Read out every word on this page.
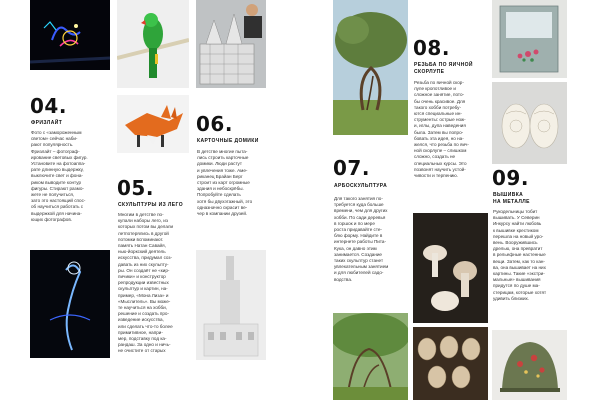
04.
ФРИЗЛАЙТ
Фото с «замороженным
светом» сейчас наби-
рают популярность.
Фризлайт – фотограф-
ирование световых фигур.
Установите на фотоаппа-
рате длинную выдержку,
выключите свет и фона-
риком выводите контур
фигуры. Стирают размо-
жете не получиться,
зато это настоящий спос-
об научиться работать с
выдержкой для начина-
ющих фотографов.
05.
СКУЛЬПТУРЫ ИЗ ЛЕГО
Многим в детстве по-
купали наборы лего, из
которых потом вы делали
летпотерялись в другой
потомки вспоминают.
память Натан Савайя,
нью-йоркский деятель
искусства, придумал соз-
давать из них скульпту-
ры. Он создаёт не «кир-
пичики» и конструктор
репродукции известных
скульптур и картин, на-
пример, «Мона Лиза» и
«Мыслитель». Вы може-
те научиться на хобби,
решение и создать про-
изведение искусства,
или сделать что-то более
примитивное, напри-
мер, подставку под ка-
рандаш. За одно и ничь-
не очистите от старых
06.
КАРТОЧНЫЕ ДОМИКИ
В детстве многие пыта-
лись строить карточные
домики. Люди растут
и увлечения тоже. Аме-
риканец Брайан Берг
строит из карт огромные
здания и небоскрёбы.
Попробуйте сделать
хотя бы двухэтажный, это
одназначно скрасит ве-
чер в компании друзей.
07.
АРБОСКУЛЬПТУРА
Для такого занятия по-
требуется куда больше
времени, чем для других
хобби. По сади деревья
в горшок и по мере
роста придавайте сте-
блю форму. Найдите в
интернете работы Пита-
Кука, он давно этим
занимается. Создание
таких скульптур станет
увлекательным занятием
и для любителей садо-
водства.
08.
РЕЗЬБА ПО ЯИЧНОЙ
СКОРЛУПЕ
Резьба по яичной скор-
лупе кропотливое и
сложное занятие, пото-
бы очень красивое. Для
такого хобби потребу-
ются специальные ин-
струменты: острые нож-
и, иглы, дупа наведения
была. Затем вы попро-
бовать эта идея, но на-
желся, что резьба по яич-
ной скорлупе – слишком
сложно, создать не
специальных курсы. Это
позвонят научить устой-
чивости и терпению.	09.
ВЫШИВКА
НА МЕТАЛЛЕ
Рукодельницы тобит
вышивать. У Северин
Инкурсу найти любовь
к вышивке крестиком
перешла на новый уро-
вень. Вооружившись
дрелью, она превратит
в рельефные настенные
вещи. Затем, как то кан-
ва, она вышивает на них
картины. Такие «экстри-
мальные» вышивания
придутся по душе ма-
стерицам, которые хотят
удивить близких.
